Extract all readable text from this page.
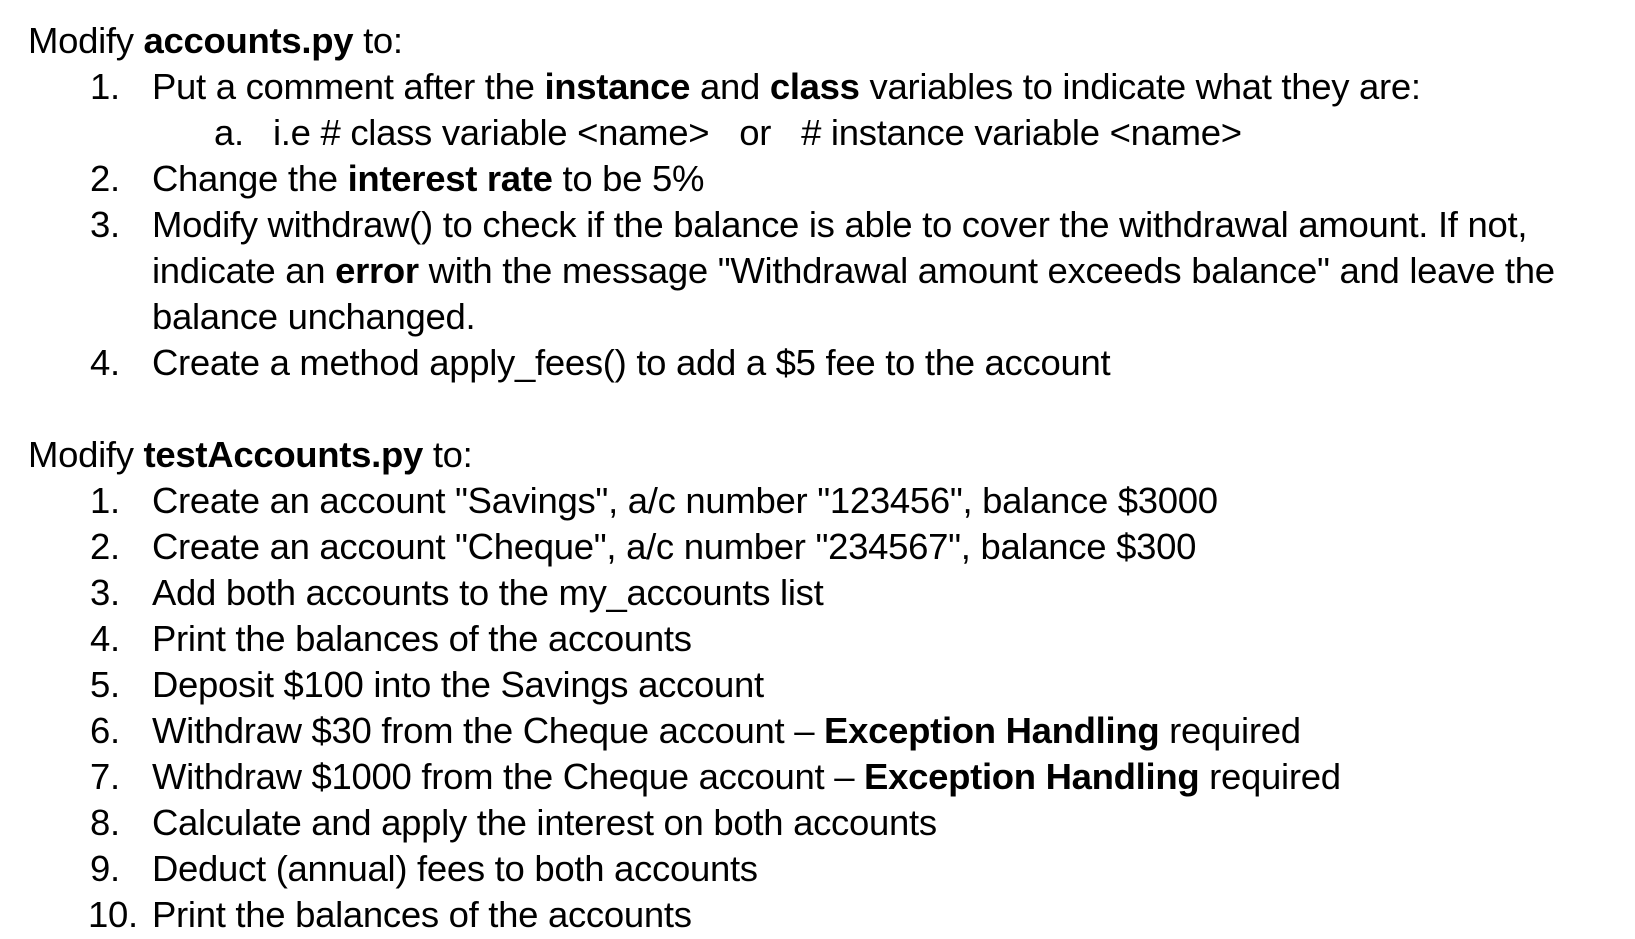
Modify accounts.py to:
1. Put a comment after the instance and class variables to indicate what they are:
a. i.e # class variable <name> or # instance variable <name>
2. Change the interest rate to be 5%
3. Modify withdraw() to check if the balance is able to cover the withdrawal amount. If not, indicate an error with the message "Withdrawal amount exceeds balance" and leave the balance unchanged.
4. Create a method apply_fees() to add a $5 fee to the account
Modify testAccounts.py to:
1. Create an account "Savings", a/c number "123456", balance $3000
2. Create an account "Cheque", a/c number "234567", balance $300
3. Add both accounts to the my_accounts list
4. Print the balances of the accounts
5. Deposit $100 into the Savings account
6. Withdraw $30 from the Cheque account – Exception Handling required
7. Withdraw $1000 from the Cheque account – Exception Handling required
8. Calculate and apply the interest on both accounts
9. Deduct (annual) fees to both accounts
10. Print the balances of the accounts
